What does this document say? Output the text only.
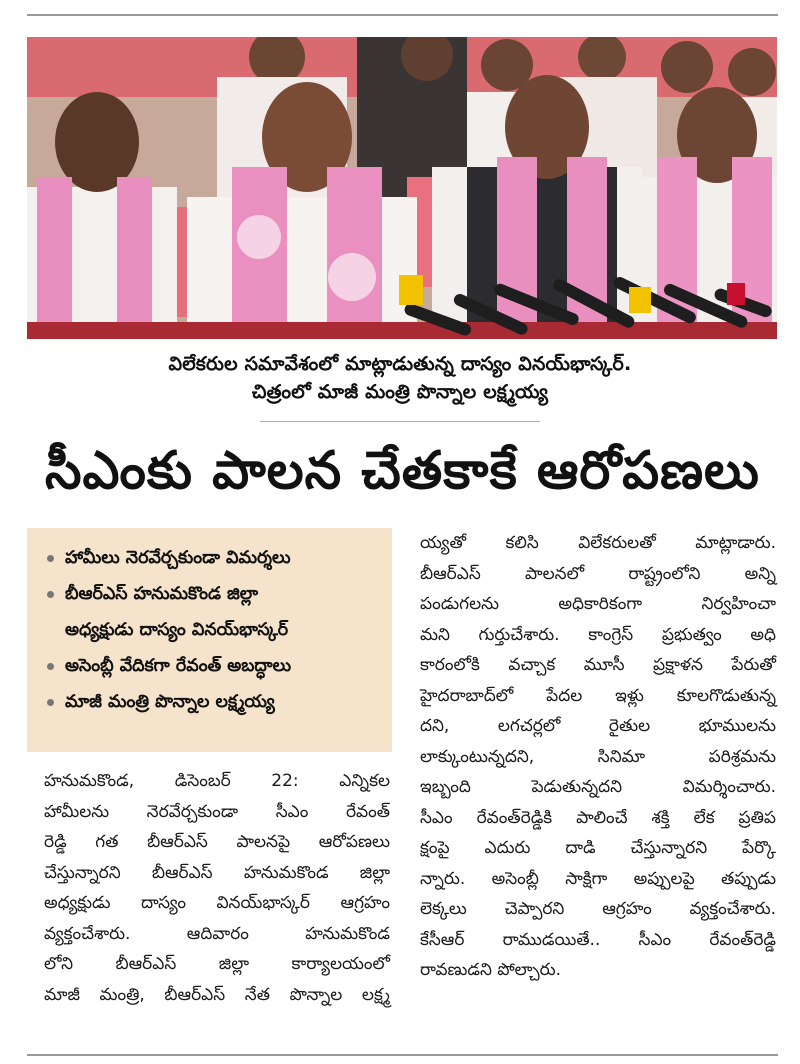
విలేకరుల సమావేశంలో మాట్లాడుతున్న దాస్యం వినయ్‌భాస్కర్.

చిత్రంలో మాజీ మంత్రి పొన్నాల లక్ష్మయ్య

సీఎంకు పాలన చేతకాకే ఆరోపణలు
హామీలు నెరవేర్చకుండా విమర్శలు
బీఆర్‌ఎస్ హనుమకొండ జిల్లా
అధ్యక్షుడు దాస్యం వినయ్‌భాస్కర్
అసెంబ్లీ వేదికగా రేవంత్ అబద్ధాలు
మాజీ మంత్రి పొన్నాల లక్ష్మయ్య
హనుమకొండ, డిసెంబర్ 22: ఎన్నికల
హామీలను నెరవేర్చకుండా సీఎం రేవంత్
రెడ్డి గత బీఆర్‌ఎస్ పాలనపై ఆరోపణలు
చేస్తున్నారని బీఆర్‌ఎస్ హనుమకొండ జిల్లా
అధ్యక్షుడు దాస్యం వినయ్‌భాస్కర్ ఆగ్రహం
వ్యక్తంచేశారు. ఆదివారం హనుమకొండ
లోని బీఆర్‌ఎస్ జిల్లా కార్యాలయంలో
మాజీ మంత్రి, బీఆర్‌ఎస్ నేత పొన్నాల లక్ష్మ
య్యతో కలిసి విలేకరులతో మాట్లాడారు.
బీఆర్‌ఎస్ పాలనలో రాష్ట్రంలోని అన్ని
పండుగలను అధికారికంగా నిర్వహించా
మని గుర్తుచేశారు. కాంగ్రెస్ ప్రభుత్వం అధి
కారంలోకి వచ్చాక మూసీ ప్రక్షాళన పేరుతో
హైదరాబాద్‌లో పేదల ఇళ్లు కూలగొడుతున్న
దని, లగచర్లలో రైతుల భూములను
లాక్కుంటున్నదని, సినిమా పరిశ్రమను
ఇబ్బంది పెడుతున్నదని విమర్శించారు.
సీఎం రేవంత్‌రెడ్డికి పాలించే శక్తి లేక ప్రతిప
క్షంపై ఎదురు దాడి చేస్తున్నారని పేర్కొ
న్నారు. అసెంబ్లీ సాక్షిగా అప్పులపై తప్పుడు
లెక్కలు చెప్పారని ఆగ్రహం వ్యక్తంచేశారు.
కేసీఆర్ రాముడయితే.. సీఎం రేవంత్‌రెడ్డి
రావణుడని పోల్చారు.
